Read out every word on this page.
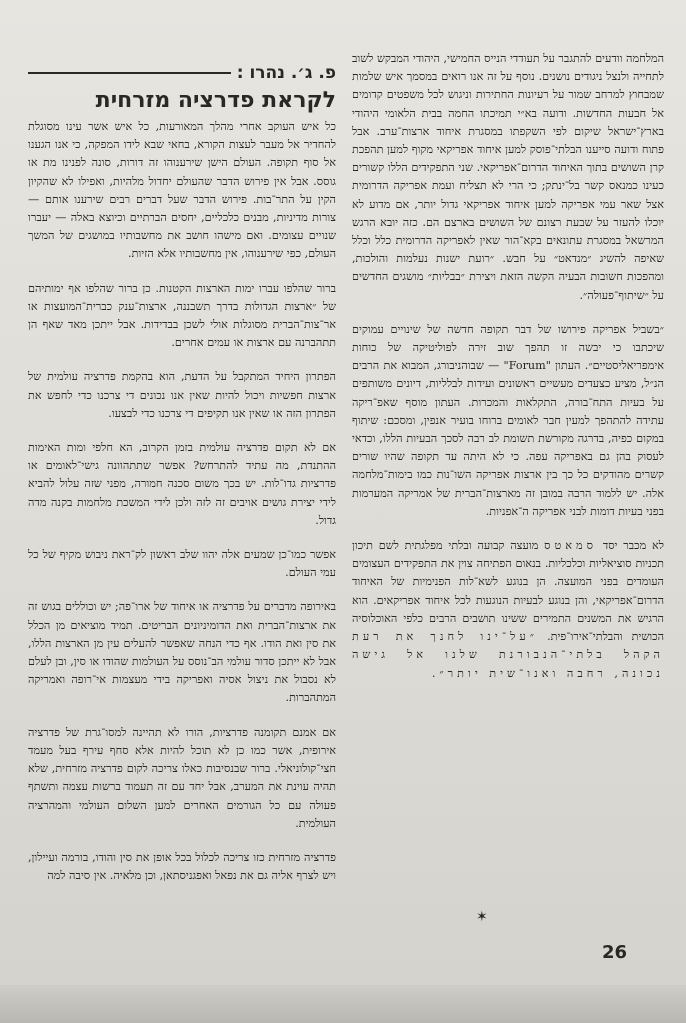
המלחמה וודעים להתגבר על תעודדי הנייס החמישי, היהודי המבקש לשוב לתחייה ולנצל ניגודים נושנים. נוסף על זה אנו רואים במסמך איש שלמות שמבחוץ למרחב שמור על רעיונות החתירות וניגוש לכל משפטים קדומים אל חבעות החדשות. ודועה בא״י תמיכתו החמה בבית הלאומי היהודי בארץ־ישראל שיקום לפי השקפתו במסגרת איחוד ארצות־ערב. אבל פתוח ודועה סייענו הבלתי־פוסק למען איחוד אפריקאי מקוף למען תהפכת קרן השושים בתוך האיחוד הדרום־אפריקאי. שני התפקידים הללו קשורים כעינו כמנאס קשר בל־ינתק; כי הרי לא תצליח ועמת אפריקה הדרומית אצל שאר עמי אפריקה למען איחוד אפריקאי גדול יותר, אם מדוע לא יוכלו להעזר על שבעת רצונם של השושים בארצם הם. כזה יובא הרגש המרשאל במסגרת עתונאים בקא־הור שאין לאפריקה הדרומית כלל וכלל שאיפה להשיג ״מנדאט״ על חבש. ״רועת ישנות נעלמות והולכות, ומהפכות חשובות הבעיה הקשה הזאת ויצירת ״בבליות״ מושגים החדשים על ״שיתוף־פעולה״.

״בשביל אפריקה פירושו של דבר תקופה חדשה של שינויים עמוקים שיכתבו כי יבשה זו תהפך שוב זירה לפוליטיקה של כוחות אימפריאליסטיים״. העתון "Forum" — שבוהניבורג, המבוא את הרבים הנ״ל, מציע כצעדים מעשיים ראשונים ועידות לבלליות, דיונים משותפים על בעיות התח־בורה, התקלאות והמכרות. העתון מוסף שאפ־ריקה עתידה להתהפך למעין חבר לאומים ברוחו בועיר אנפין, ומסכם: שיתוף במקום כפיה, בדרגה מקורשת תשומת לב רבה לסכך הבעיות הללו, וכדאי לעסוק בהן גם באפריקה עפה. כי לא היתה עד תקופה שהיו שורים קשרים מהודקים כל כך בין ארצות אפריקה השו־נות כמו בימות־מלחמה אלה. יש ללמוד הרבה במובן זה מארצות־הברית של אמריקה המערמות בפני בעיות דומות לבני אפריקה ה־אפניות.

לא מכבר יסד סמאטס מועצה קבועה ובלתי מפלגתית לשם תיכון תכניות סוציאליות וכלכליות. בנאום הפתיחה צוין את התפקידים העצומים העומדים בפני המועצה. הן בנוגע לשא־לות הפנימיות של האיחוד הדרום־אפריקאי, והן בנוגע לבעיות הנוגעות לכל איחוד אפריקאים. הוא הרגיש את המשנים התמירים ששינו תושבים הרבים כלפי האוכלוסיה הכושית והבלתי־אירו־פית. ״על־ינו לחנך את רעת הקהל בלתי־הנבורנת שלנו אל גישה נכונה, רחבה ואנו־שית יותר״.

פ. ג׳. נהרו :
לקראת פדרציה מזרחית

כל איש העוקב אחרי מהלך המאורעות, כל איש אשר עינו מסוגלת להחדיר אל מעבר לעצות הקורא, בחאי שבא לידו המפקה, כי אנו הגענו אל סוף תקופה. העולם הישן שירענוהו זה דורות, סונה לפנינו מת או גוסס. אבל אין פירוש הדבר שהעולם יחדול מלהיות, ואפילו לא שהקיון הקין על התר־בות. פירוש הדבר שעל דברים רבים שירענו אותם — צורות מדיניות, מבנים כלכליים, יחסים הברתיים וכיוצא באלה — יעברו שנויים עצומים. ואם מישהו חושב את מחשבותיו במושגים של המשך העולם, כפי שירענוהו, אין מחשבותיו אלא הזיות.

ברור שהלפו עברו ימות הארצות הקטנות. כן ברור שהלפו אף ימותיהם של ״ארצות הגדולות בדרך תשבננה, ארצות־ענק כברית־המועצות או אר־צות־הברית מסוגלות אולי לשכן בבדידות. אבל ייתכן מאד שאף הן תתהברנה עם ארצות או עמים אחרים.

הפתרון היחיד המתקבל על הדעת, הוא בהקמת פדרציה עולמית של ארצות חפשיות ויכול להיות שאין אנו נכונים די צרכנו כדי לחפש את הפתרון הזה או שאין אנו תקיפים די צרכנו כדי לבצעו.

אם לא תקום פדרציה עולמית בזמן הקרוב, הא חלפי ומות האימות ההתנדת, מה עתיד להתרחש? אפשר שתתהוונה גישי־לאומים או פדרציות גדו־לות. יש בכך משום סכנה חמורה, מפני שזה עלול להביא לידי יצירת גושים אויבים זה לזה ולכן לידי המשכת מלחמות בקנה מדה גדול.

אפשר כמו־כן שמעים אלה יהוו שלב ראשון לק־ראת ניבוש מקיף של כל עמי העולם.

באירופה מדברים על פדרציה או איחוד של ארו־פה; יש וכוללים בגוש זה את ארצות־הברית ואת הדומיניונים הבריטים. תמיד מוציאים מן הכלל את סין ואת הודו. אף כדי הנחה שאפשר להעלים עין מן הארצות הללו, אבל לא ייתכן סדור עולמי הב־נוסס על העולמות שהודו או סין, ובן לעלם לא נסבול את ניצול אסיה ואפריקה בידי מעצמות אי־רופה ואמריקה המתהברות.

אם אמנם תקומנה פדרציות, הורו לא תהיינה למסו־גרת של פדרציה אירופית, אשר כמו כן לא תוכל להיות אלא סחף עירף בעל מעמד חצי־קולוניאלי. ברור שבנסיבות כאלו צריכה לקום פדרציה מזרחית, שלא תהיה עוינת את המערב, אבל יחד עם זה תעמוד ברשות עצמה ותשתף פעולה עם כל הגורמים האחרים למען השלום העולמי והמהרציה העולמית.

פדרציה מזרחית כזו צריכה לכלול בכל אופן את סין והודו, בורמה ועיילון, ויש לצרף אליה גם את נפאל ואפגניסתאן, וכן מלאיה. אין סיבה למה

✶
26
